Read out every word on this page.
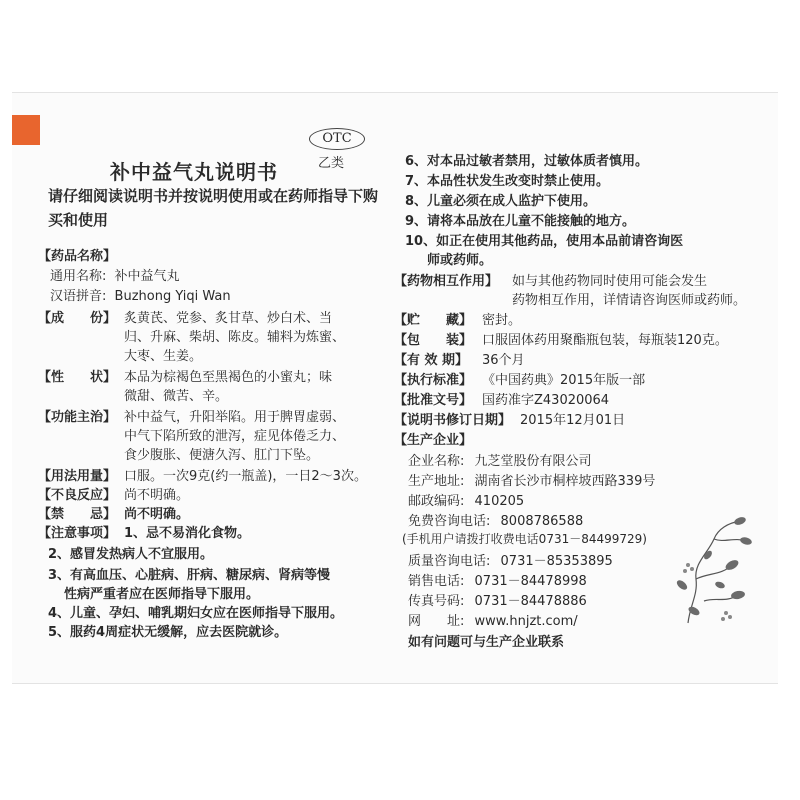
OTC
乙类
补中益气丸说明书
请仔细阅读说明书并按说明使用或在药师指导下购买和使用
【药品名称】
通用名称: 补中益气丸
汉语拼音: Buzhong Yiqi Wan
【成　　份】 炙黄芪、党参、炙甘草、炒白术、当
归、升麻、柴胡、陈皮。辅料为炼蜜、
大枣、生姜。
【性　　状】 本品为棕褐色至黑褐色的小蜜丸；味
微甜、微苦、辛。
【功能主治】 补中益气，升阳举陷。用于脾胃虚弱、
中气下陷所致的泄泻，症见体倦乏力、
食少腹胀、便溏久泻、肛门下坠。
【用法用量】 口服。一次9克(约一瓶盖)，一日2～3次。
【不良反应】 尚不明确。
【禁　　忌】 尚不明确。
【注意事项】 1、忌不易消化食物。
2、感冒发热病人不宜服用。
3、有高血压、心脏病、肝病、糖尿病、肾病等慢
性病严重者应在医师指导下服用。
4、儿童、孕妇、哺乳期妇女应在医师指导下服用。
5、服药4周症状无缓解，应去医院就诊。
6、对本品过敏者禁用，过敏体质者慎用。
7、本品性状发生改变时禁止使用。
8、儿童必须在成人监护下使用。
9、请将本品放在儿童不能接触的地方。
10、如正在使用其他药品，使用本品前请咨询医
师或药师。
【药物相互作用】 如与其他药物同时使用可能会发生
药物相互作用，详情请咨询医师或药师。
【贮　　藏】 密封。
【包　　装】 口服固体药用聚酯瓶包装，每瓶装120克。
【有 效 期】 36个月
【执行标准】 《中国药典》2015年版一部
【批准文号】 国药准字Z43020064
【说明书修订日期】 2015年12月01日
【生产企业】
企业名称: 九芝堂股份有限公司
生产地址: 湖南省长沙市桐梓坡西路339号
邮政编码: 410205
免费咨询电话: 8008786588
(手机用户请拨打收费电话0731－84499729)
质量咨询电话: 0731－85353895
销售电话: 0731－84478998
传真号码: 0731－84478886
网　　址: www.hnjzt.com/
如有问题可与生产企业联系
